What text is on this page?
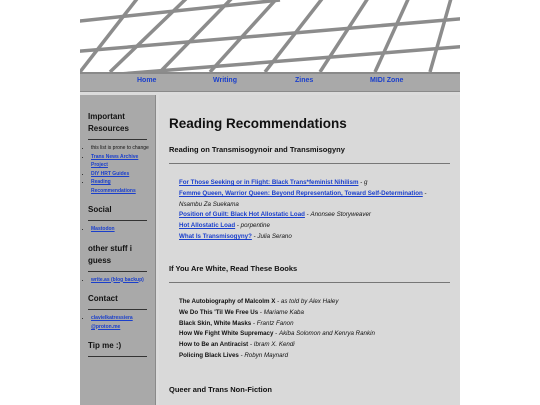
Home	Writing	Zines	MIDI Zone
Important Resources
• this list is prone to change
• Trans News Archive Project
• DIY HRT Guides
• Reading Recommendations
Social
• Mastodon
other stuff i guess
• write.as (blog backup)
Contact
• clavielkatressiera @proton.me
Tip me :)
Reading Recommendations
Reading on Transmisogynoir and Transmisogyny
For Those Seeking or in Flight: Black Trans*feminist Nihilism - g
Femme Queen, Warrior Queen: Beyond Representation, Toward Self-Determination - Nsambu Za Suekama
Position of Guilt: Black Hot Allostatic Load - Anonsee Storyweaver
Hot Allostatic Load - porpentine
What Is Transmisogyny? - Julia Serano
If You Are White, Read These Books
The Autobiography of Malcolm X - as told by Alex Haley
We Do This 'Til We Free Us - Mariame Kaba
Black Skin, White Masks - Frantz Fanon
How We Fight White Supremacy - Akiba Solomon and Kenrya Rankin
How to Be an Antiracist - Ibram X. Kendi
Policing Black Lives - Robyn Maynard
Queer and Trans Non-Fiction
